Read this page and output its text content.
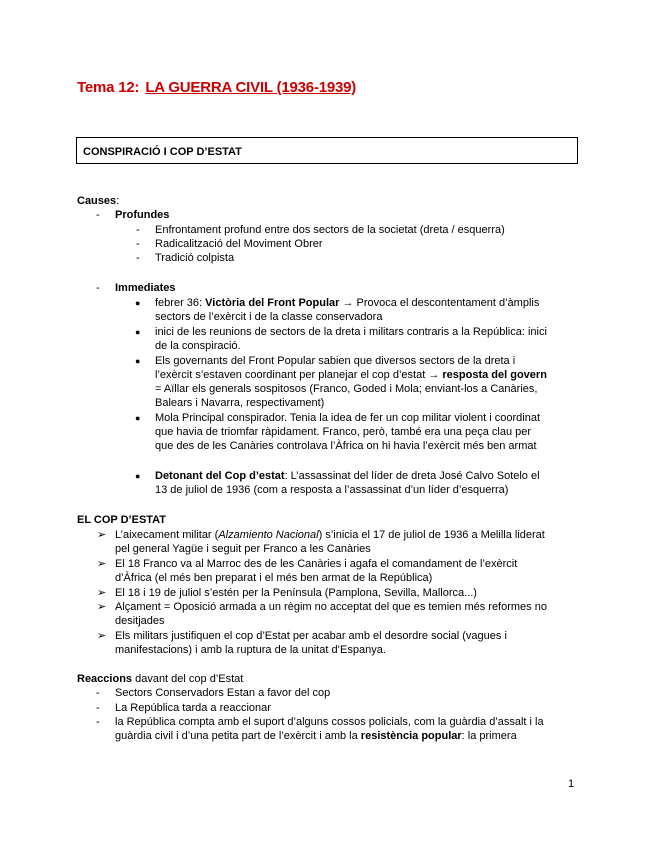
Tema 12: LA GUERRA CIVIL (1936-1939)
CONSPIRACIÓ I COP D’ESTAT
Causes:
- Profundes
- Enfrontament profund entre dos sectors de la societat (dreta / esquerra)
- Radicalització del Moviment Obrer
- Tradició colpista
- Immediates
● febrer 36: Victòria del Front Popular → Provoca el descontentament d’àmplis
sectors de l’exèrcit i de la classe conservadora
● inici de les reunions de sectors de la dreta i militars contraris a la República: inici
de la conspiració.
● Els governants del Front Popular sabien que diversos sectors de la dreta i
l’exèrcit s’estaven coordinant per planejar el cop d’estat → resposta del govern
= Aïllar els generals sospitosos (Franco, Goded i Mola; enviant-los a Canàries,
Balears i Navarra, respectivament)
● Mola Principal conspirador. Tenia la idea de fer un cop militar violent i coordinat
que havia de triomfar ràpidament. Franco, però, també era una peça clau per
que des de les Canàries controlava l’Àfrica on hi havia l’exèrcit més ben armat
● Detonant del Cop d’estat: L’assassinat del líder de dreta José Calvo Sotelo el
13 de juliol de 1936 (com a resposta a l’assassinat d’un líder d’esquerra)
EL COP D’ESTAT
➢ L’aixecament militar (Alzamiento Nacional) s’inicia el 17 de juliol de 1936 a Melilla liderat
pel general Yagüe i seguit per Franco a les Canàries
➢ El 18 Franco va al Marroc des de les Canàries i agafa el comandament de l’exèrcit
d’Àfrica (el més ben preparat i el més ben armat de la República)
➢ El 18 i 19 de juliol s’estén per la Península (Pamplona, Sevilla, Mallorca...)
➢ Alçament = Oposició armada a un règim no acceptat del que es temien més reformes no
desitjades
➢ Els militars justifiquen el cop d’Estat per acabar amb el desordre social (vagues i
manifestacions) i amb la ruptura de la unitat d’Espanya.
Reaccions davant del cop d’Estat
- Sectors Conservadors Estan a favor del cop
- La República tarda a reaccionar
- la República compta amb el suport d’alguns cossos policials, com la guàrdia d’assalt i la
guàrdia civil i d’una petita part de l’exèrcit i amb la resistència popular: la primera
1
